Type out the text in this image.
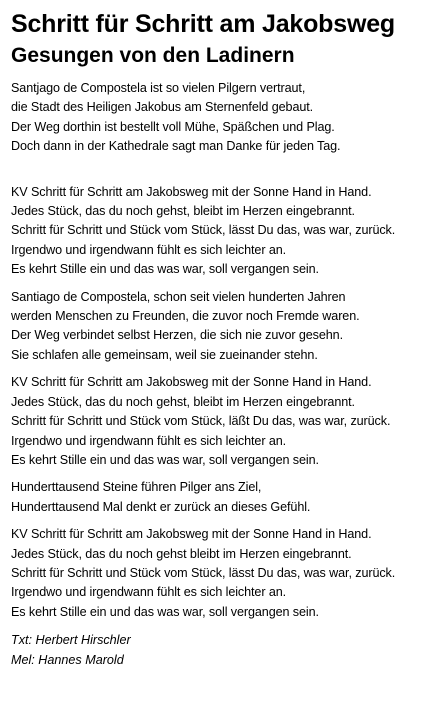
Schritt für Schritt am Jakobsweg
Gesungen von den Ladinern
Santjago de Compostela ist so vielen Pilgern vertraut,
die Stadt des Heiligen Jakobus am Sternenfeld gebaut.
Der Weg dorthin ist bestellt voll Mühe, Späßchen und Plag.
Doch dann in der Kathedrale sagt man Danke für jeden Tag.
KV Schritt für Schritt am Jakobsweg mit der Sonne Hand in Hand.
Jedes Stück, das du noch gehst, bleibt im Herzen eingebrannt.
Schritt für Schritt und Stück vom Stück, lässt Du das, was war, zurück.
Irgendwo und irgendwann fühlt es sich leichter an.
Es kehrt Stille ein und das was war, soll vergangen sein.
Santiago de Compostela, schon seit vielen hunderten Jahren
werden Menschen zu Freunden, die zuvor noch Fremde waren.
Der Weg verbindet selbst Herzen, die sich nie zuvor gesehn.
Sie schlafen alle gemeinsam, weil sie zueinander stehn.
KV Schritt für Schritt am Jakobsweg mit der Sonne Hand in Hand.
Jedes Stück, das du noch gehst, bleibt im Herzen eingebrannt.
Schritt für Schritt und Stück vom Stück, läßt Du das, was war, zurück.
Irgendwo und irgendwann fühlt es sich leichter an.
Es kehrt Stille ein und das was war, soll vergangen sein.
Hunderttausend Steine führen Pilger ans Ziel,
Hunderttausend Mal denkt er zurück an dieses Gefühl.
KV Schritt für Schritt am Jakobsweg mit der Sonne Hand in Hand.
Jedes Stück, das du noch gehst bleibt im Herzen eingebrannt.
Schritt für Schritt und Stück vom Stück, lässt Du das, was war, zurück.
Irgendwo und irgendwann fühlt es sich leichter an.
Es kehrt Stille ein und das was war, soll vergangen sein.
Txt: Herbert Hirschler
Mel: Hannes Marold
